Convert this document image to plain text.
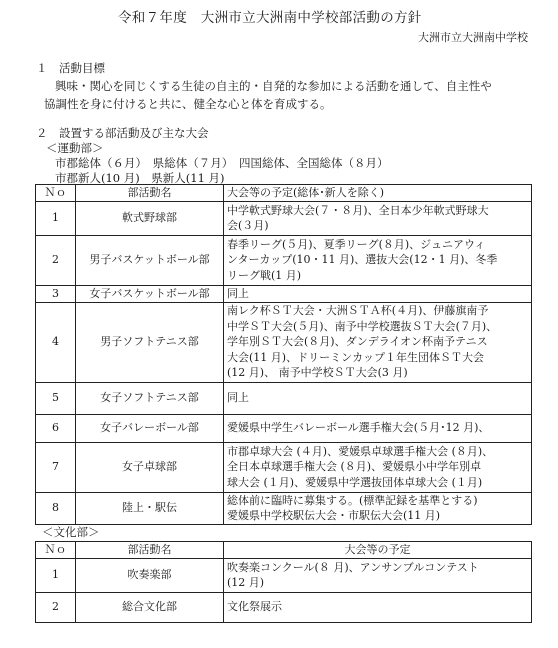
令和７年度　大洲市立大洲南中学校部活動の方針
大洲市立大洲南中学校
１　活動目標
興味・関心を同じくする生徒の自主的・自発的な参加による活動を通して、自主性や
協調性を身に付けると共に、健全な心と体を育成する。
２　設置する部活動及び主な大会
＜運動部＞
市郡総体（６月）　県総体（７月）　四国総体、全国総体（８月）
市郡新人(10 月)　県新人(11 月)
Ｎｏ	部活動名	大会等の予定(総体･新人を除く)
1	軟式野球部	中学軟式野球大会(７・８月)、全日本少年軟式野球大
会(３月)

2	男子バスケットボール部	春季リーグ(５月)、夏季リーグ(８月)、ジュニアウィ
ンターカップ(10・11 月)、選抜大会(12・1 月)、冬季
リーグ戦(1 月)

3	女子バスケットボール部	同上

4	男子ソフトテニス部	南レク杯ＳＴ大会・大洲ＳＴＡ杯(４月)、伊藤旗南予
中学ＳＴ大会(５月)、南予中学校選抜ＳＴ大会(７月)、
学年別ＳＴ大会(８月)、ダンデライオン杯南予テニス
大会(11 月)、ドリーミンカップ１年生団体ＳＴ大会
(12 月)、 南予中学校ＳＴ大会(3 月)

5	女子ソフトテニス部	同上

6	女子バレーボール部	愛媛県中学生バレーボール選手権大会(５月･12 月)、

7	女子卓球部	市郡卓球大会 (４月)、愛媛県卓球選手権大会 (８月)、
全日本卓球選手権大会 (８月)、愛媛県小中学年別卓
球大会 (１月)、愛媛県中学選抜団体卓球大会 (１月)

8	陸上・駅伝	総体前に臨時に募集する。(標準記録を基準とする)
愛媛県中学校駅伝大会・市駅伝大会(11 月)
＜文化部＞
Ｎｏ	部活動名	大会等の予定
1	吹奏楽部	吹奏楽コンクール(８ 月)、アンサンブルコンテスト
(12 月)

2	総合文化部	文化祭展示
